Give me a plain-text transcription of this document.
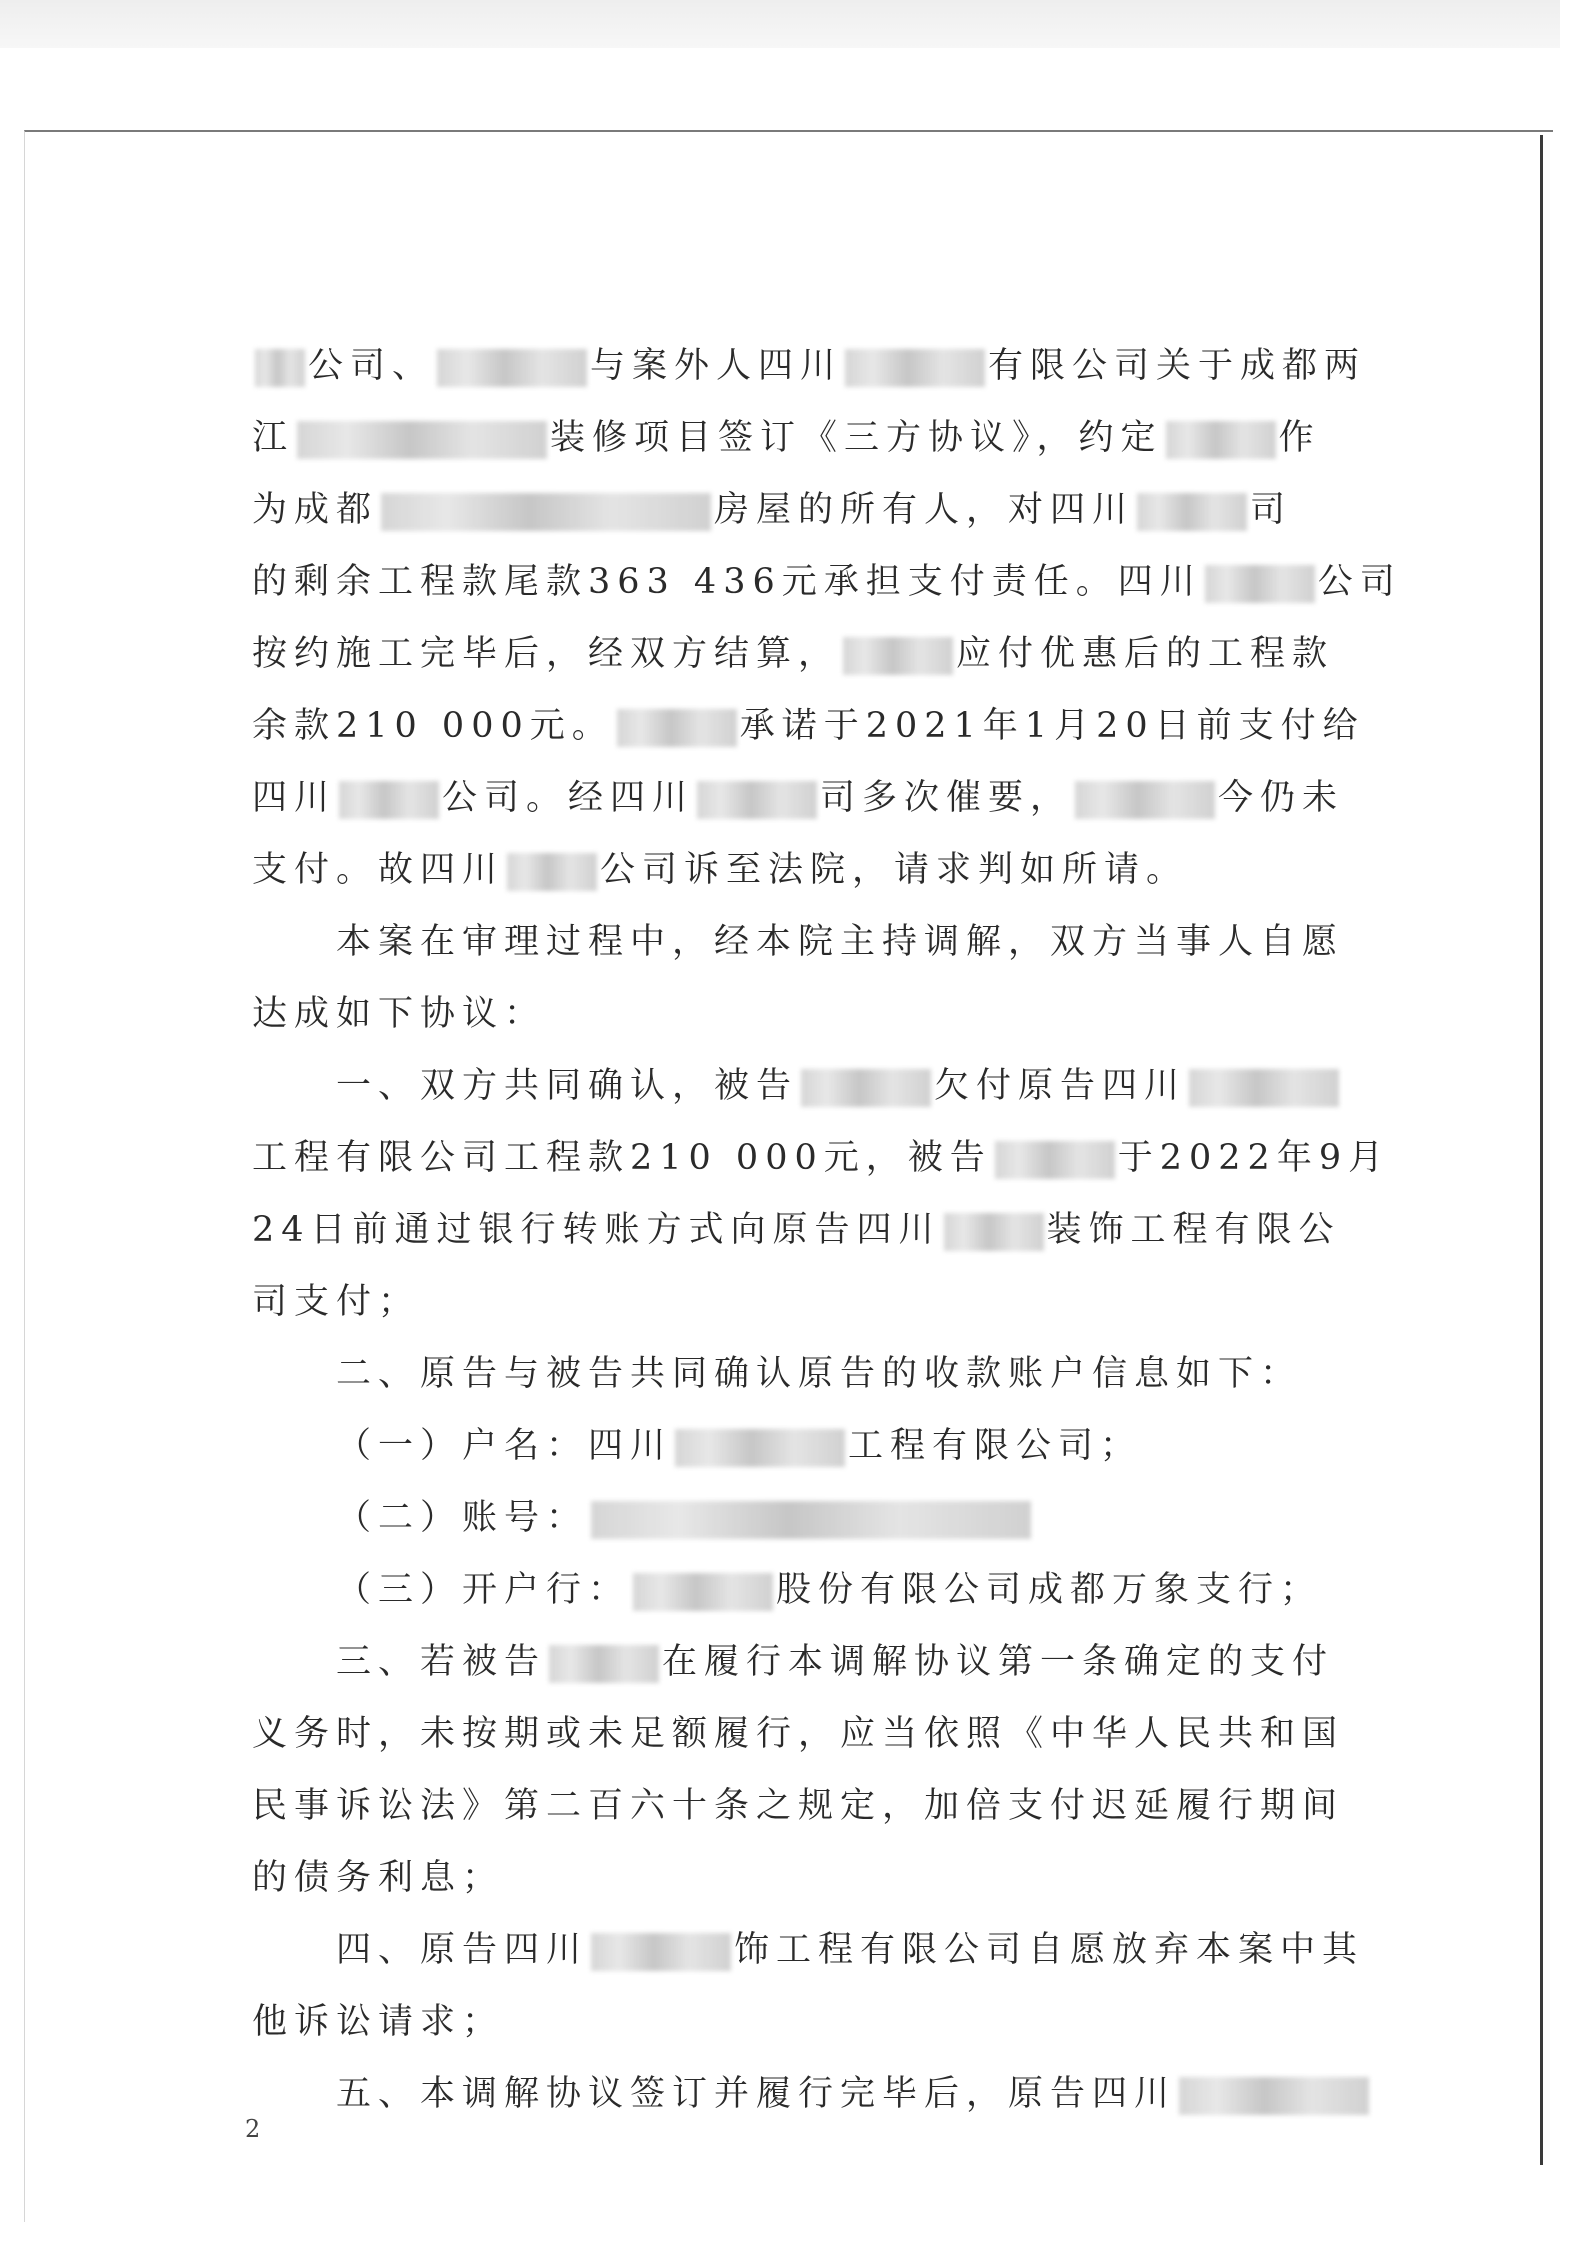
公司、	与案外人四川	有限公司关于成都两
江	装修项目签订《三方协议》，约定	作
为成都	房屋的所有人，对四川	司
的剩余工程款尾款363 436元承担支付责任。四川	公司
按约施工完毕后，经双方结算，	应付优惠后的工程款
余款210 000元。	承诺于2021年1月20日前支付给
四川	公司。经四川	司多次催要，	今仍未
支付。故四川	公司诉至法院，请求判如所请。
本案在审理过程中，经本院主持调解，双方当事人自愿
达成如下协议：
一、双方共同确认，被告	欠付原告四川
工程有限公司工程款210 000元，被告	于2022年9月
24日前通过银行转账方式向原告四川	装饰工程有限公
司支付；
二、原告与被告共同确认原告的收款账户信息如下：
（一）户名：四川	工程有限公司；
（二）账号：
（三）开户行：	股份有限公司成都万象支行；
三、若被告	在履行本调解协议第一条确定的支付
义务时，未按期或未足额履行，应当依照《中华人民共和国
民事诉讼法》第二百六十条之规定，加倍支付迟延履行期间
的债务利息；
四、原告四川	饰工程有限公司自愿放弃本案中其
他诉讼请求；
五、本调解协议签订并履行完毕后，原告四川
2
